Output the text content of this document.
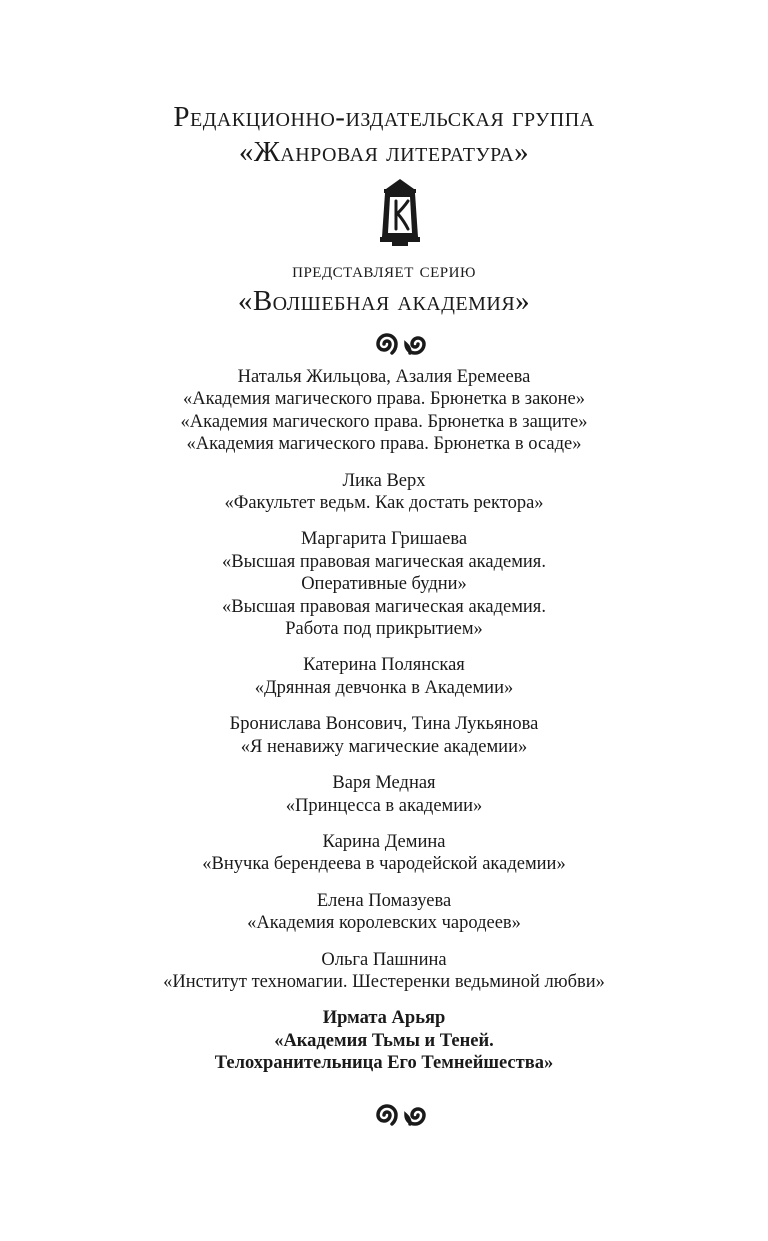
Редакционно-издательская группа
«Жанровая литература»
представляет серию
«Волшебная академия»
Наталья Жильцова, Азалия Еремеева
«Академия магического права. Брюнетка в законе»
«Академия магического права. Брюнетка в защите»
«Академия магического права. Брюнетка в осаде»
Лика Верх
«Факультет ведьм. Как достать ректора»
Маргарита Гришаева
«Высшая правовая магическая академия.
Оперативные будни»
«Высшая правовая магическая академия.
Работа под прикрытием»
Катерина Полянская
«Дрянная девчонка в Академии»
Бронислава Вонсович, Тина Лукьянова
«Я ненавижу магические академии»
Варя Медная
«Принцесса в академии»
Карина Демина
«Внучка берендеева в чародейской академии»
Елена Помазуева
«Академия королевских чародеев»
Ольга Пашнина
«Институт техномагии. Шестеренки ведьминой любви»
Ирмата Арьяр
«Академия Тьмы и Теней.
Телохранительница Его Темнейшества»
